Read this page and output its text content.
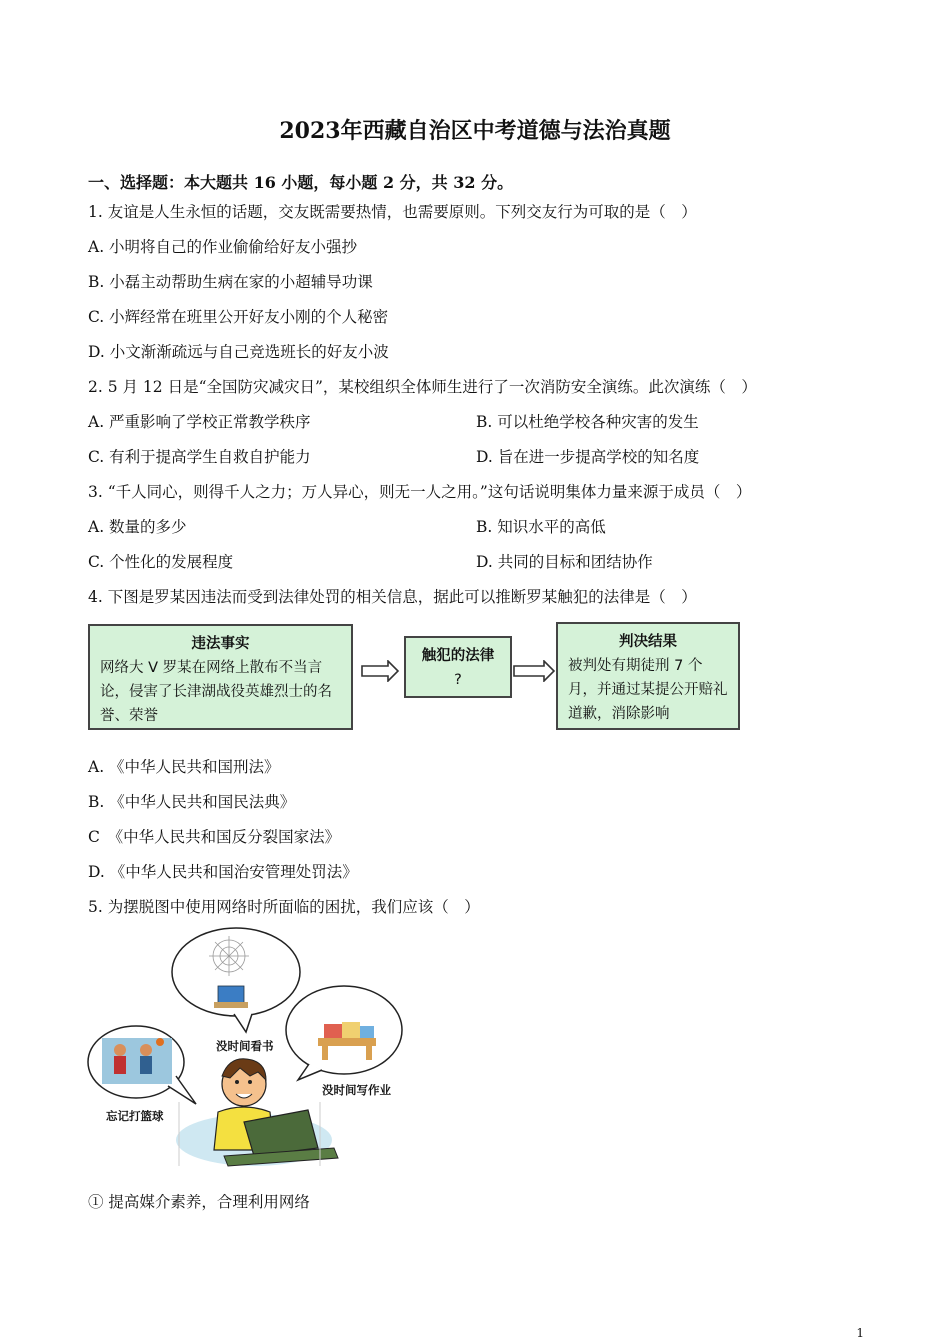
2023年西藏自治区中考道德与法治真题
一、选择题：本大题共 16 小题，每小题 2 分，共 32 分。
1. 友谊是人生永恒的话题，交友既需要热情，也需要原则。下列交友行为可取的是（　）
A. 小明将自己的作业偷偷给好友小强抄
B. 小磊主动帮助生病在家的小超辅导功课
C. 小辉经常在班里公开好友小刚的个人秘密
D. 小文渐渐疏远与自己竞选班长的好友小波
2. 5 月 12 日是“全国防灾减灾日”，某校组织全体师生进行了一次消防安全演练。此次演练（　）
A. 严重影响了学校正常教学秩序	B. 可以杜绝学校各种灾害的发生
C. 有利于提高学生自救自护能力	D. 旨在进一步提高学校的知名度
3. “千人同心，则得千人之力；万人异心，则无一人之用。”这句话说明集体力量来源于成员（　）
A. 数量的多少	B. 知识水平的高低
C. 个性化的发展程度	D. 共同的目标和团结协作
4. 下图是罗某因违法而受到法律处罚的相关信息，据此可以推断罗某触犯的法律是（　）
违法事实
网络大 V 罗某在网络上散布不当言论，侵害了长津湖战役英雄烈士的名誉、荣誉
触犯的法律
?
判决结果
被判处有期徒刑 7 个月，并通过某提公开赔礼道歉，消除影响
A. 《中华人民共和国刑法》
B. 《中华人民共和国民法典》
C　《中华人民共和国反分裂国家法》
D. 《中华人民共和国治安管理处罚法》
5. 为摆脱图中使用网络时所面临的困扰，我们应该（　）
没时间看书
没时间写作业
忘记打篮球
① 提高媒介素养，合理利用网络
1
